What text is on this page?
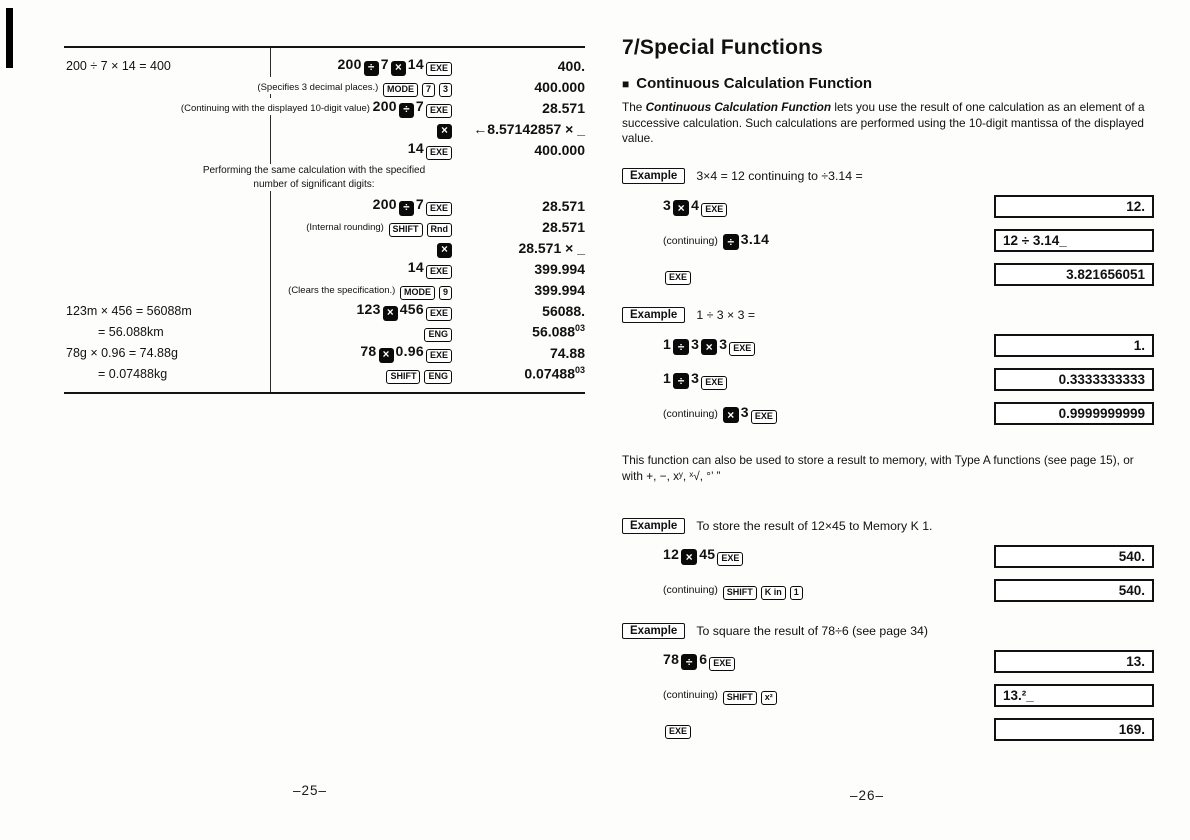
200 ÷ 7 × 14 = 400	200 ÷ 7 × 14 EXE	400.
(Specifies 3 decimal places.) MODE 7 3	400.000
(Continuing with the displayed 10-digit value) 200 ÷ 7 EXE	28.571
×	←8.57142857 × _
14 EXE	400.000
Performing the same calculation with the specified
number of significant digits:
200 ÷ 7 EXE	28.571
(Internal rounding) SHIFT Rnd	28.571
×	28.571 × _
14 EXE	399.994
(Clears the specification.) MODE 9	399.994
123m × 456 = 56088m	123 × 456 EXE	56088.
= 56.088km	ENG	56.088$^{03}$
78g × 0.96 = 74.88g	78 × 0.96 EXE	74.88
= 0.07488kg	SHIFT ENG	0.07488$^{03}$
–25–
7/Special Functions
■ Continuous Calculation Function

The Continuous Calculation Function lets you use the result of one calculation as an element of a successive calculation. Such calculations are performed using the 10-digit mantissa of the displayed value.

Example	3×4 = 12 continuing to ÷3.14 =
3 × 4 EXE	12.
(continuing) ÷ 3.14	12 ÷ 3.14_
EXE	3.821656051
Example	1 ÷ 3 × 3 =
1 ÷ 3 × 3 EXE	1.
1 ÷ 3 EXE	0.3333333333
(continuing) × 3 EXE	0.9999999999
This function can also be used to store a result to memory, with Type A functions (see page 15), or with +, −, xʸ, ˣ√, °’ ”
Example	To store the result of 12×45 to Memory K 1.
12 × 45 EXE	540.
(continuing) SHIFT K in 1	540.
Example	To square the result of 78÷6 (see page 34)
78 ÷ 6 EXE	13.
(continuing) SHIFT x²	13.²_
EXE	169.
–26–
